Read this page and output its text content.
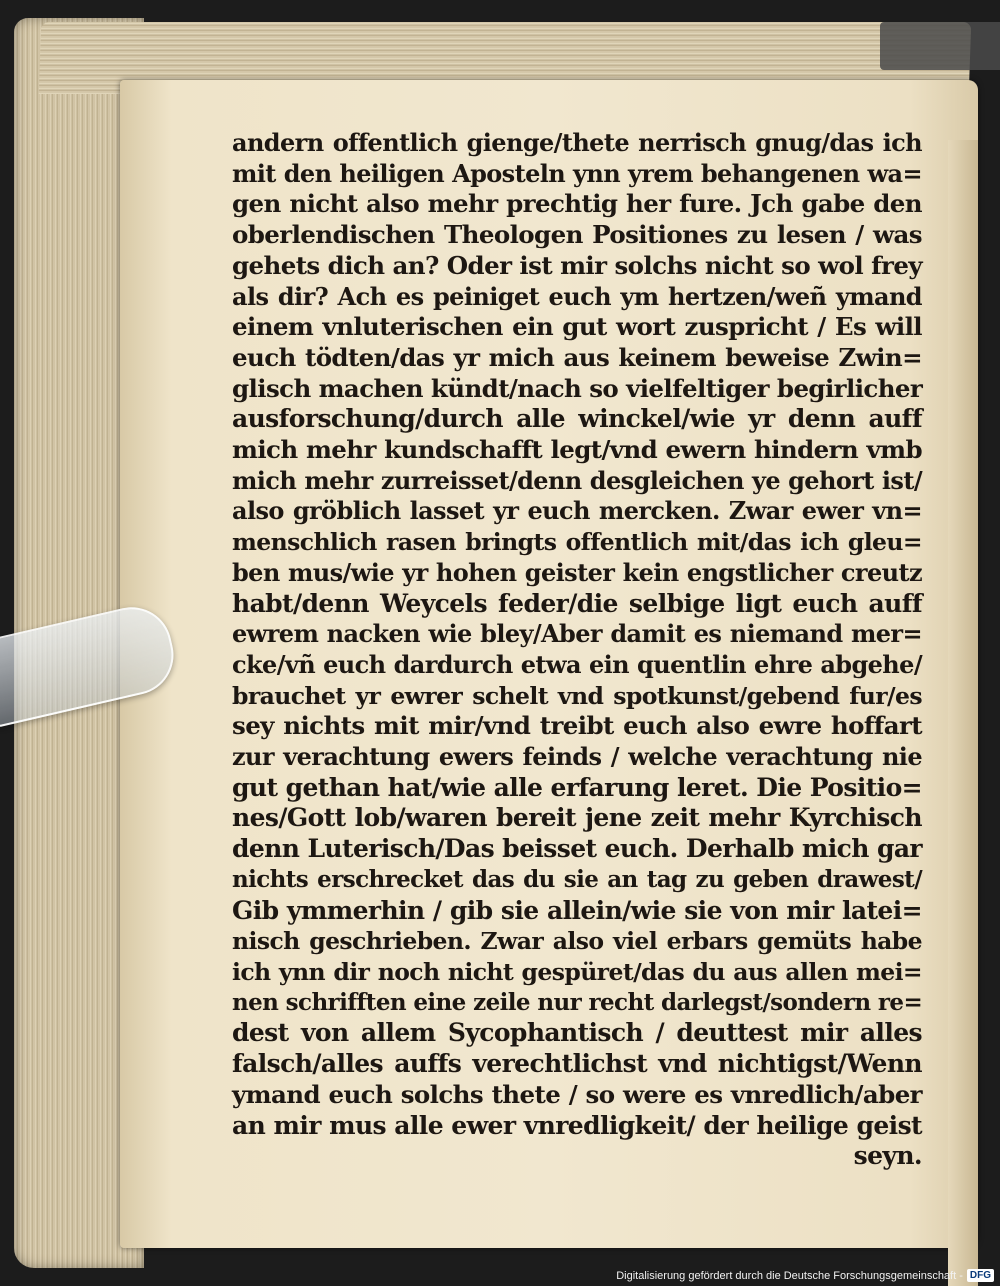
andern offentlich gienge/thete nerrisch gnug/das ich
mit den heiligen Aposteln ynn yrem behangenen wa=
gen nicht also mehr prechtig her fure. Jch gabe den
oberlendischen Theologen Positiones zu lesen / was
gehets dich an? Oder ist mir solchs nicht so wol frey
als dir? Ach es peiniget euch ym hertzen/weñ ymand
einem vnluterischen ein gut wort zuspricht / Es will
euch tödten/das yr mich aus keinem beweise Zwin=
glisch machen kündt/nach so vielfeltiger begirlicher
ausforschung/durch alle winckel/wie yr denn auff
mich mehr kundschafft legt/vnd ewern hindern vmb
mich mehr zurreisset/denn desgleichen ye gehort ist/
also gröblich lasset yr euch mercken. Zwar ewer vn=
menschlich rasen bringts offentlich mit/das ich gleu=
ben mus/wie yr hohen geister kein engstlicher creutz
habt/denn Weycels feder/die selbige ligt euch auff
ewrem nacken wie bley/Aber damit es niemand mer=
cke/vñ euch dardurch etwa ein quentlin ehre abgehe/
brauchet yr ewrer schelt vnd spotkunst/gebend fur/es
sey nichts mit mir/vnd treibt euch also ewre hoffart
zur verachtung ewers feinds / welche verachtung nie
gut gethan hat/wie alle erfarung leret. Die Positio=
nes/Gott lob/waren bereit jene zeit mehr Kyrchisch
denn Luterisch/Das beisset euch. Derhalb mich gar
nichts erschrecket das du sie an tag zu geben drawest/
Gib ymmerhin / gib sie allein/wie sie von mir latei=
nisch geschrieben. Zwar also viel erbars gemüts habe
ich ynn dir noch nicht gespüret/das du aus allen mei=
nen schrifften eine zeile nur recht darlegst/sondern re=
dest von allem Sycophantisch / deuttest mir alles
falsch/alles auffs verechtlichst vnd nichtigst/Wenn
ymand euch solchs thete / so were es vnredlich/aber
an mir mus alle ewer vnredligkeit/ der heilige geist
seyn.
Digitalisierung gefördert durch die Deutsche Forschungsgemeinschaft - DFG
